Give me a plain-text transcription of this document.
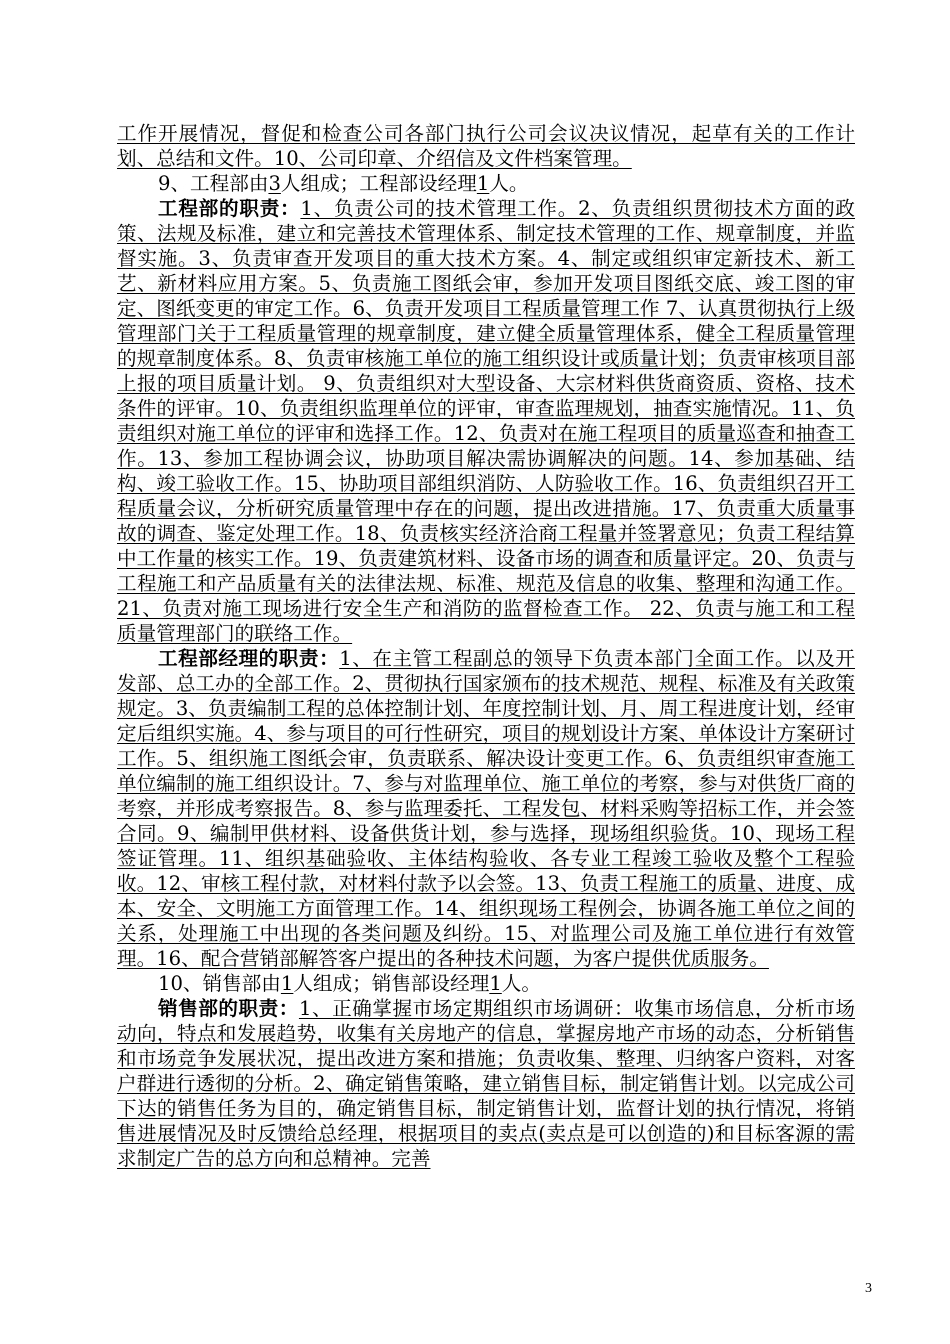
工作开展情况，督促和检查公司各部门执行公司会议决议情况，起草有关的工作计划、总结和文件。10、公司印章、介绍信及文件档案管理。

9、工程部由3人组成；工程部设经理1人。

工程部的职责：1、负责公司的技术管理工作。2、负责组织贯彻技术方面的政策、法规及标准，建立和完善技术管理体系、制定技术管理的工作、规章制度，并监督实施。3、负责审查开发项目的重大技术方案。4、制定或组织审定新技术、新工艺、新材料应用方案。5、负责施工图纸会审，参加开发项目图纸交底、竣工图的审定、图纸变更的审定工作。6、负责开发项目工程质量管理工作 7、认真贯彻执行上级管理部门关于工程质量管理的规章制度，建立健全质量管理体系，健全工程质量管理的规章制度体系。8、负责审核施工单位的施工组织设计或质量计划；负责审核项目部上报的项目质量计划。 9、负责组织对大型设备、大宗材料供货商资质、资格、技术条件的评审。10、负责组织监理单位的评审，审查监理规划，抽查实施情况。11、负责组织对施工单位的评审和选择工作。12、负责对在施工程项目的质量巡查和抽查工作。13、参加工程协调会议，协助项目解决需协调解决的问题。14、参加基础、结构、竣工验收工作。15、协助项目部组织消防、人防验收工作。16、负责组织召开工程质量会议，分析研究质量管理中存在的问题，提出改进措施。17、负责重大质量事故的调查、鉴定处理工作。18、负责核实经济洽商工程量并签署意见；负责工程结算中工作量的核实工作。19、负责建筑材料、设备市场的调查和质量评定。20、负责与工程施工和产品质量有关的法律法规、标准、规范及信息的收集、整理和沟通工作。21、负责对施工现场进行安全生产和消防的监督检查工作。 22、负责与施工和工程质量管理部门的联络工作。

工程部经理的职责：1、在主管工程副总的领导下负责本部门全面工作。以及开发部、总工办的全部工作。2、贯彻执行国家颁布的技术规范、规程、标准及有关政策规定。3、负责编制工程的总体控制计划、年度控制计划、月、周工程进度计划，经审定后组织实施。4、参与项目的可行性研究，项目的规划设计方案、单体设计方案研讨工作。5、组织施工图纸会审，负责联系、解决设计变更工作。6、负责组织审查施工单位编制的施工组织设计。7、参与对监理单位、施工单位的考察，参与对供货厂商的考察，并形成考察报告。8、参与监理委托、工程发包、材料采购等招标工作，并会签合同。9、编制甲供材料、设备供货计划，参与选择，现场组织验货。10、现场工程签证管理。11、组织基础验收、主体结构验收、各专业工程竣工验收及整个工程验收。12、审核工程付款，对材料付款予以会签。13、负责工程施工的质量、进度、成本、安全、文明施工方面管理工作。14、组织现场工程例会，协调各施工单位之间的关系，处理施工中出现的各类问题及纠纷。15、对监理公司及施工单位进行有效管理。16、配合营销部解答客户提出的各种技术问题，为客户提供优质服务。

10、销售部由1人组成；销售部设经理1人。

销售部的职责：1、正确掌握市场定期组织市场调研：收集市场信息，分析市场动向，特点和发展趋势，收集有关房地产的信息，掌握房地产市场的动态，分析销售和市场竞争发展状况，提出改进方案和措施；负责收集、整理、归纳客户资料，对客户群进行透彻的分析。2、确定销售策略，建立销售目标，制定销售计划。以完成公司下达的销售任务为目的，确定销售目标，制定销售计划，监督计划的执行情况，将销售进展情况及时反馈给总经理，根据项目的卖点(卖点是可以创造的)和目标客源的需求制定广告的总方向和总精神。完善

3
